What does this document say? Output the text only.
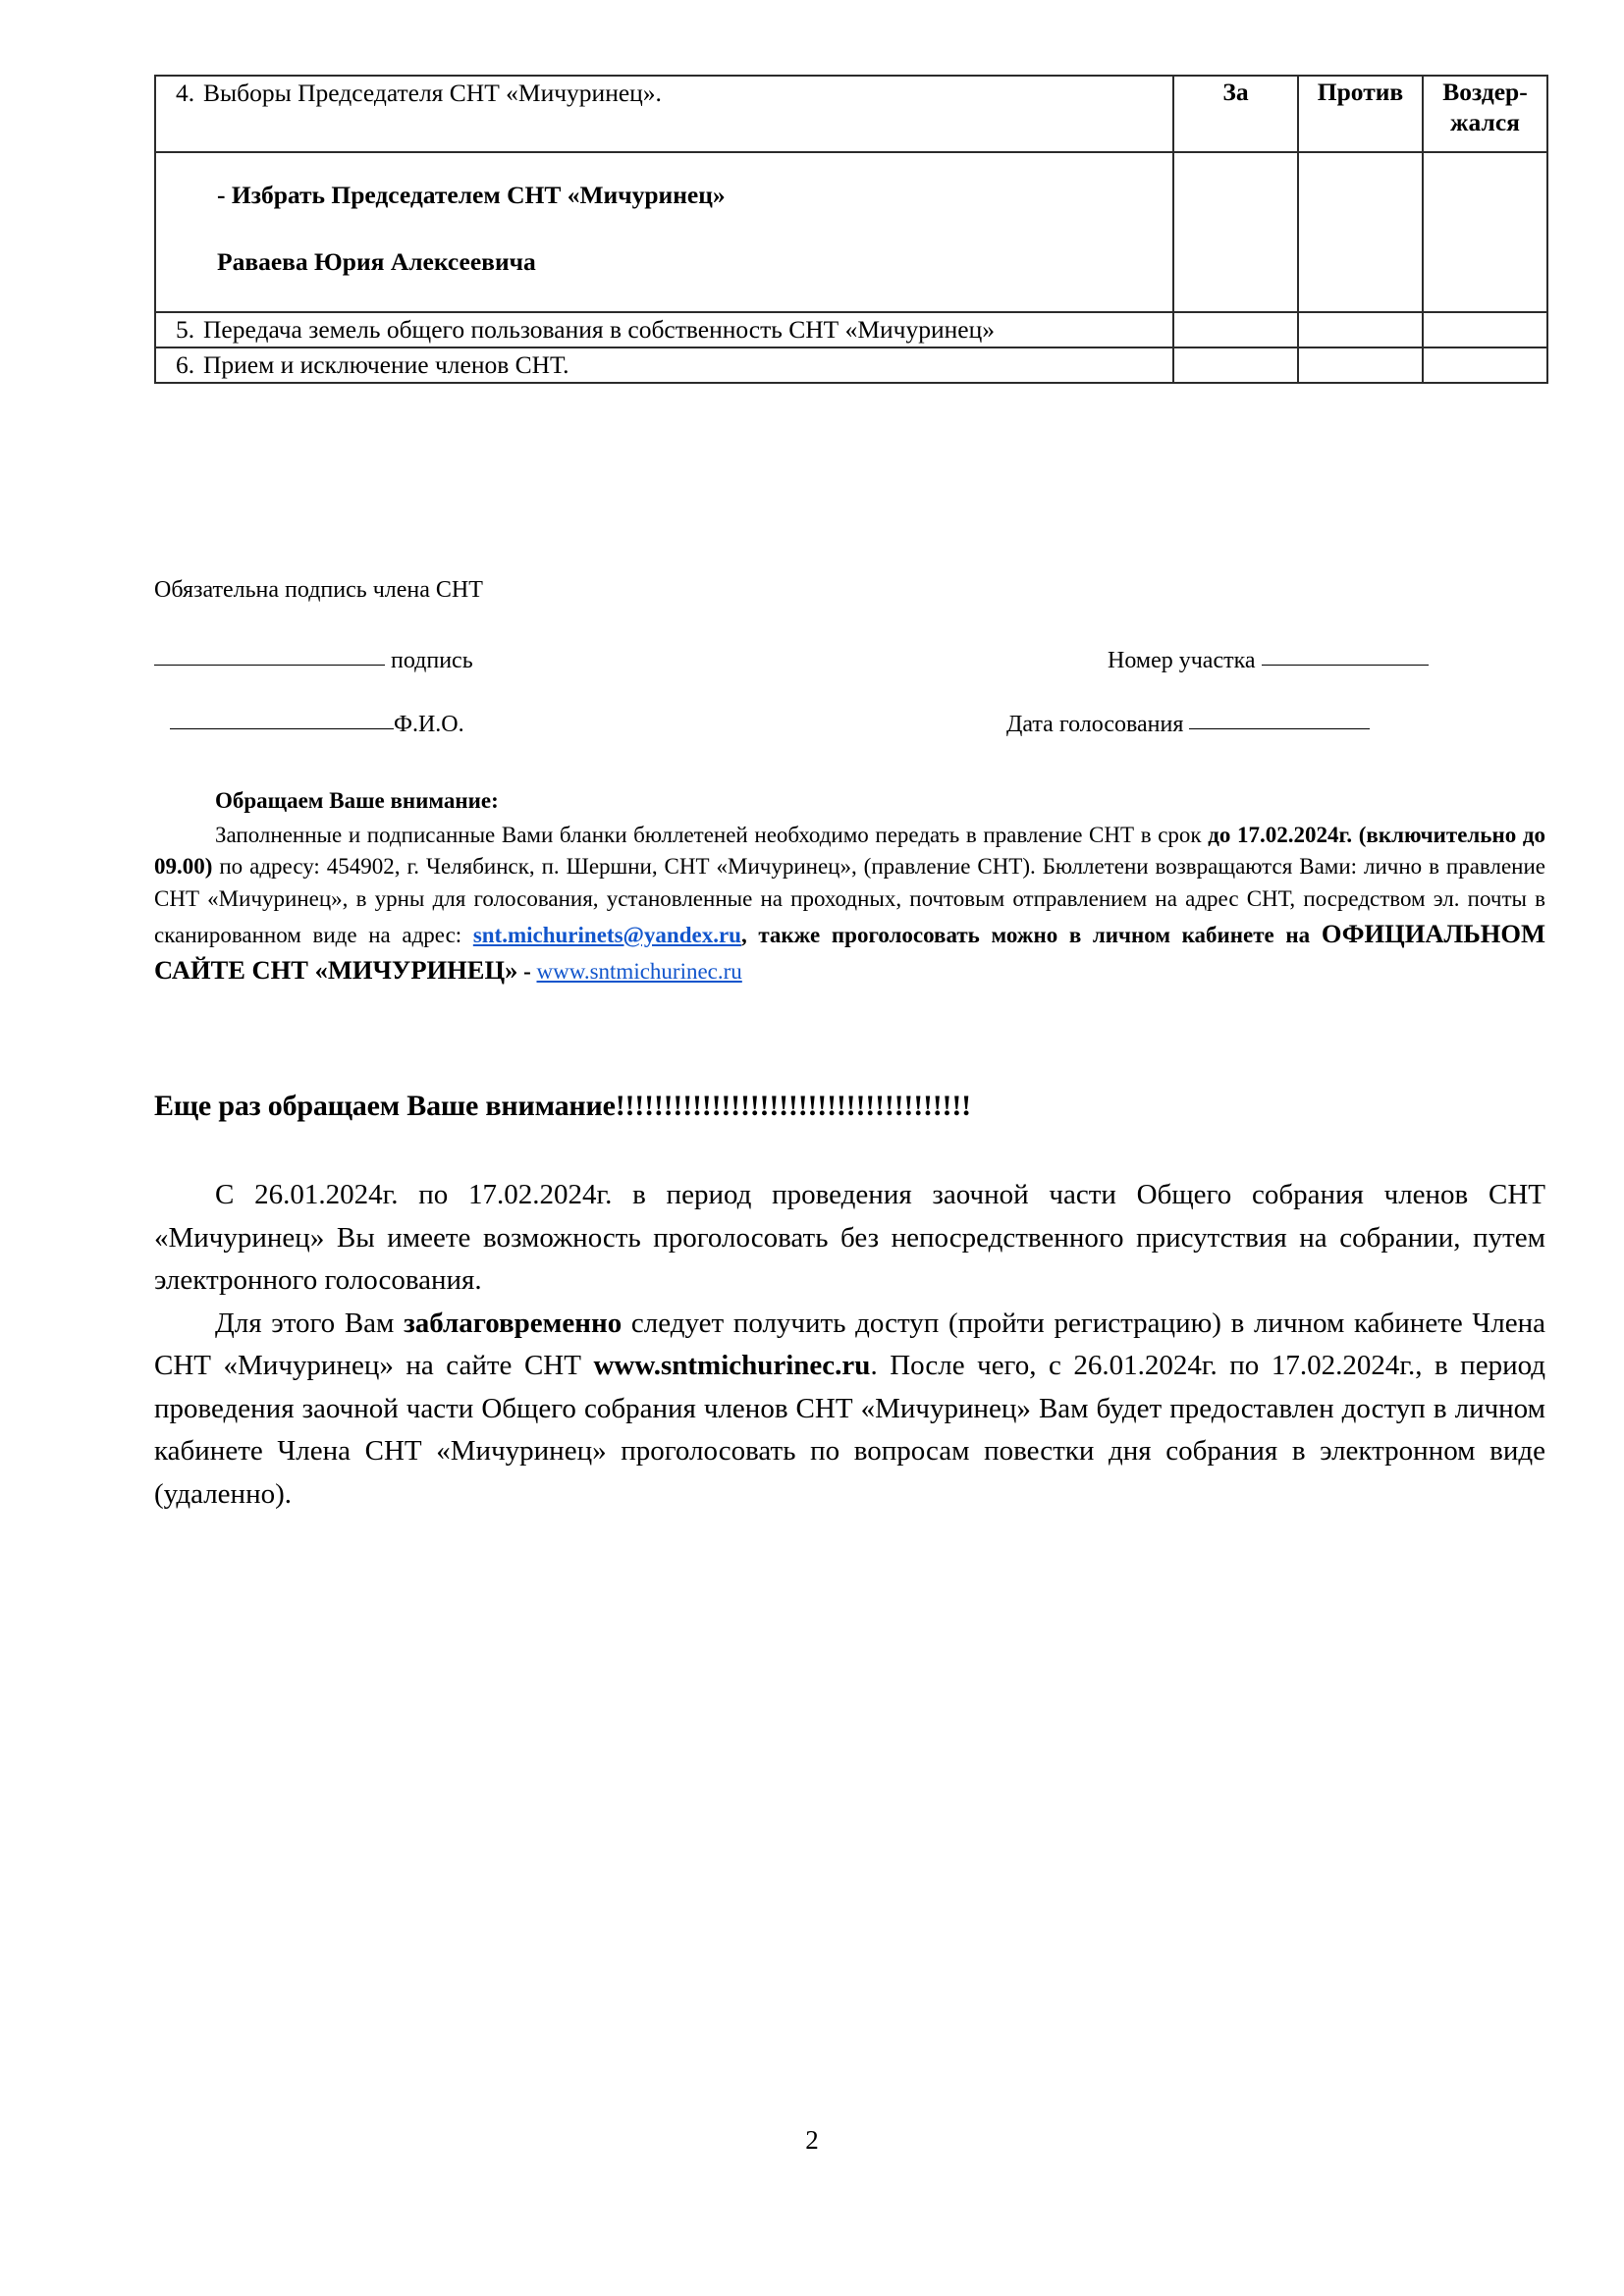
4. Выборы Председателя СНТ «Мичуринец».	За	Против	Воздер-
жался

- Избрать Председателем СНТ «Мичуринец»
Раваева Юрия Алексеевича			

5. Передача земель общего пользования в собственность СНТ «Мичуринец»			

6. Прием и исключение членов СНТ.			

Обязательна подпись члена СНТ
подпись
Ф.И.О.
Номер участка
Дата голосования
Обращаем Ваше внимание:
Заполненные и подписанные Вами бланки бюллетеней необходимо передать в правление СНТ в срок до 17.02.2024г. (включительно до 09.00) по адресу: 454902, г. Челябинск, п. Шершни, СНТ «Мичуринец», (правление СНТ). Бюллетени возвращаются Вами: лично в правление СНТ «Мичуринец», в урны для голосования, установленные на проходных, почтовым отправлением на адрес СНТ, посредством эл. почты в сканированном виде на адрес: snt.michurinets@yandex.ru, также проголосовать можно в личном кабинете на ОФИЦИАЛЬНОМ САЙТЕ СНТ «МИЧУРИНЕЦ» - www.sntmichurinec.ru
Еще раз обращаем Ваше внимание!!!!!!!!!!!!!!!!!!!!!!!!!!!!!!!!!!!!!

С 26.01.2024г. по 17.02.2024г. в период проведения заочной части Общего собрания членов СНТ «Мичуринец» Вы имеете возможность проголосовать без непосредственного присутствия на собрании, путем электронного голосования.

Для этого Вам заблаговременно следует получить доступ (пройти регистрацию) в личном кабинете Члена СНТ «Мичуринец» на сайте СНТ www.sntmichurinec.ru. После чего, с 26.01.2024г. по 17.02.2024г., в период проведения заочной части Общего собрания членов СНТ «Мичуринец» Вам будет предоставлен доступ в личном кабинете Члена СНТ «Мичуринец» проголосовать по вопросам повестки дня собрания в электронном виде (удаленно).

2
